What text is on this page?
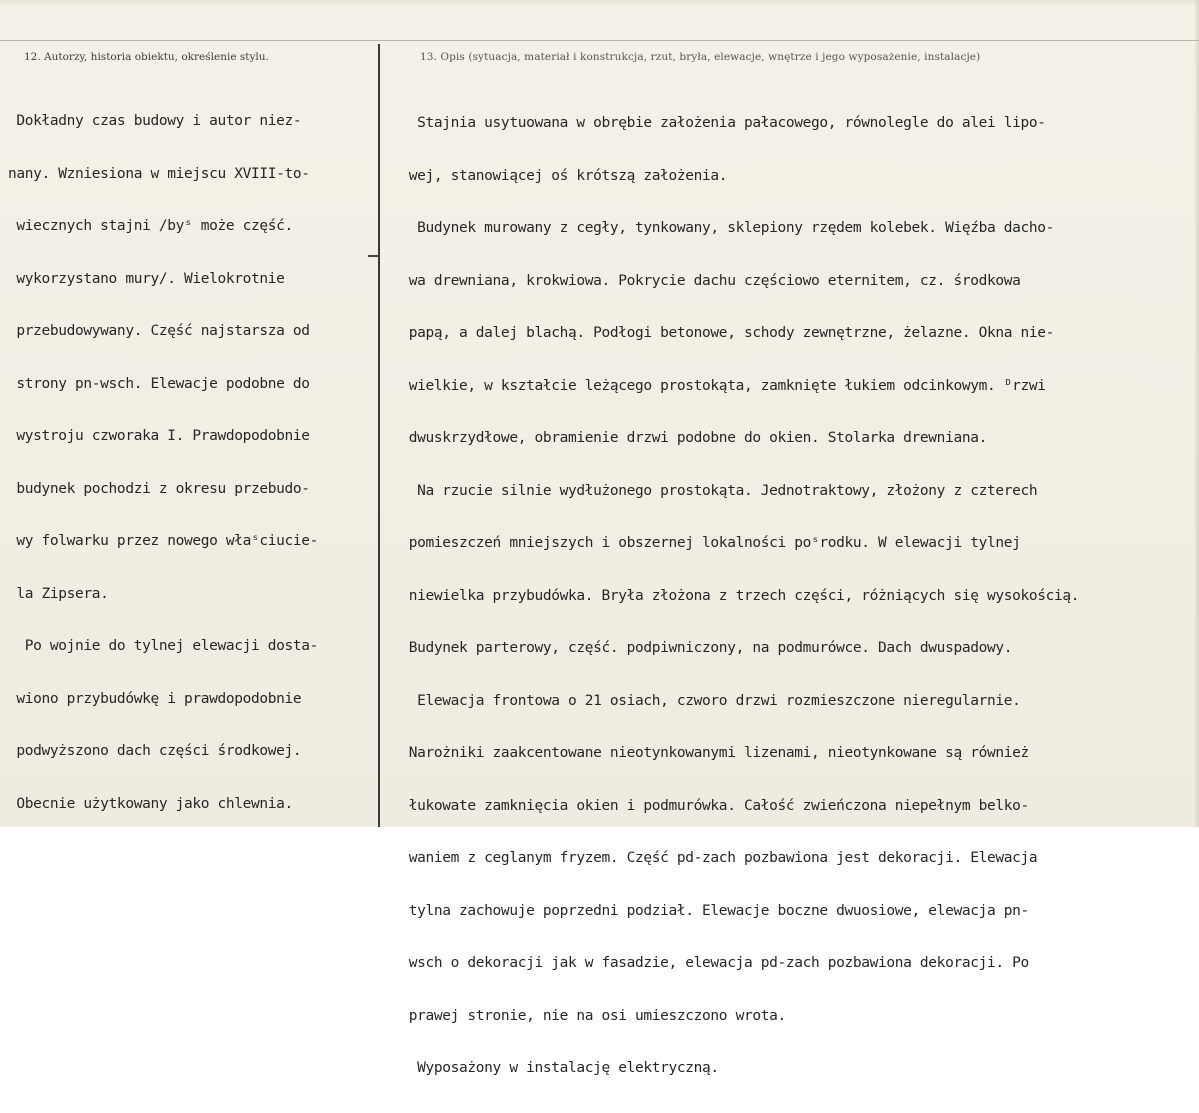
12. Autorzy, historia obiektu, określenie stylu.	13. Opis (sytuacja, materiał i konstrukcja, rzut, bryła, elewacje, wnętrze i jego wyposażenie, instalacje)

Dokładny czas budowy i autor niez-

nany. Wzniesiona w miejscu XVIII-to-

wiecznych stajni /byˢ może część.

wykorzystano mury/. Wielokrotnie

przebudowywany. Część najstarsza od

strony pn-wsch. Elewacje podobne do

wystroju czworaka I. Prawdopodobnie

budynek pochodzi z okresu przebudo-

wy folwarku przez nowego właˢciucie-

la Zipsera.

Po wojnie do tylnej elewacji dosta-

wiono przybudówkę i prawdopodobnie

podwyższono dach części środkowej.

Obecnie użytkowany jako chlewnia.

Stajnia usytuowana w obrębie założenia pałacowego, równolegle do alei lipo-

wej, stanowiącej oś krótszą założenia.

Budynek murowany z cegły, tynkowany, sklepiony rzędem kolebek. Więźba dacho-

wa drewniana, krokwiowa. Pokrycie dachu częściowo eternitem, cz. środkowa

papą, a dalej blachą. Podłogi betonowe, schody zewnętrzne, żelazne. Okna nie-

wielkie, w kształcie leżącego prostokąta, zamknięte łukiem odcinkowym. ᴰrzwi

dwuskrzydłowe, obramienie drzwi podobne do okien. Stolarka drewniana.

Na rzucie silnie wydłużonego prostokąta. Jednotraktowy, złożony z czterech

pomieszczeń mniejszych i obszernej lokalności poˢrodku. W elewacji tylnej

niewielka przybudówka. Bryła złożona z trzech części, różniących się wysokością.

Budynek parterowy, część. podpiwniczony, na podmurówce. Dach dwuspadowy.

Elewacja frontowa o 21 osiach, czworo drzwi rozmieszczone nieregularnie.

Narożniki zaakcentowane nieotynkowanymi lizenami, nieotynkowane są również

łukowate zamknięcia okien i podmurówka. Całość zwieńczona niepełnym belko-

waniem z ceglanym fryzem. Część pd-zach pozbawiona jest dekoracji. Elewacja

tylna zachowuje poprzedni podział. Elewacje boczne dwuosiowe, elewacja pn-

wsch o dekoracji jak w fasadzie, elewacja pd-zach pozbawiona dekoracji. Po

prawej stronie, nie na osi umieszczono wrota.

Wyposażony w instalację elektryczną.
